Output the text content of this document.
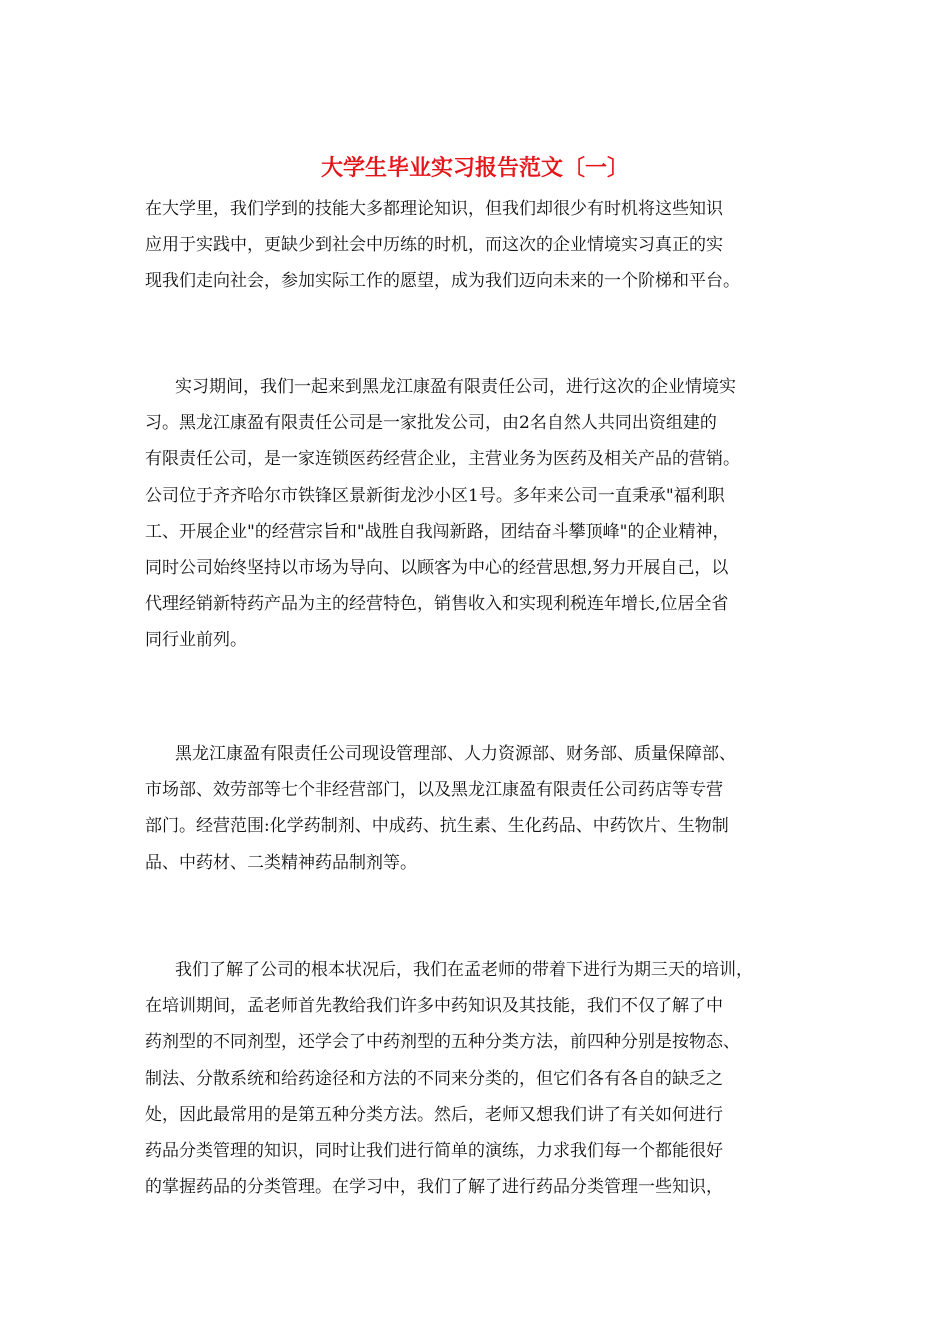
大学生毕业实习报告范文〔一〕
在大学里，我们学到的技能大多都理论知识，但我们却很少有时机将这些知识
应用于实践中，更缺少到社会中历练的时机，而这次的企业情境实习真正的实
现我们走向社会，参加实际工作的愿望，成为我们迈向未来的一个阶梯和平台。
实习期间，我们一起来到黑龙江康盈有限责任公司，进行这次的企业情境实
习。黑龙江康盈有限责任公司是一家批发公司，由2名自然人共同出资组建的
有限责任公司，是一家连锁医药经营企业，主营业务为医药及相关产品的营销。
公司位于齐齐哈尔市铁锋区景新街龙沙小区1号。多年来公司一直秉承"福利职
工、开展企业"的经营宗旨和"战胜自我闯新路，团结奋斗攀顶峰"的企业精神，
同时公司始终坚持以市场为导向、以顾客为中心的经营思想,努力开展自己，以
代理经销新特药产品为主的经营特色，销售收入和实现利税连年增长,位居全省
同行业前列。
黑龙江康盈有限责任公司现设管理部、人力资源部、财务部、质量保障部、
市场部、效劳部等七个非经营部门，以及黑龙江康盈有限责任公司药店等专营
部门。经营范围:化学药制剂、中成药、抗生素、生化药品、中药饮片、生物制
品、中药材、二类精神药品制剂等。
我们了解了公司的根本状况后，我们在孟老师的带着下进行为期三天的培训，
在培训期间，孟老师首先教给我们许多中药知识及其技能，我们不仅了解了中
药剂型的不同剂型，还学会了中药剂型的五种分类方法，前四种分别是按物态、
制法、分散系统和给药途径和方法的不同来分类的，但它们各有各自的缺乏之
处，因此最常用的是第五种分类方法。然后，老师又想我们讲了有关如何进行
药品分类管理的知识，同时让我们进行简单的演练，力求我们每一个都能很好
的掌握药品的分类管理。在学习中，我们了解了进行药品分类管理一些知识，
